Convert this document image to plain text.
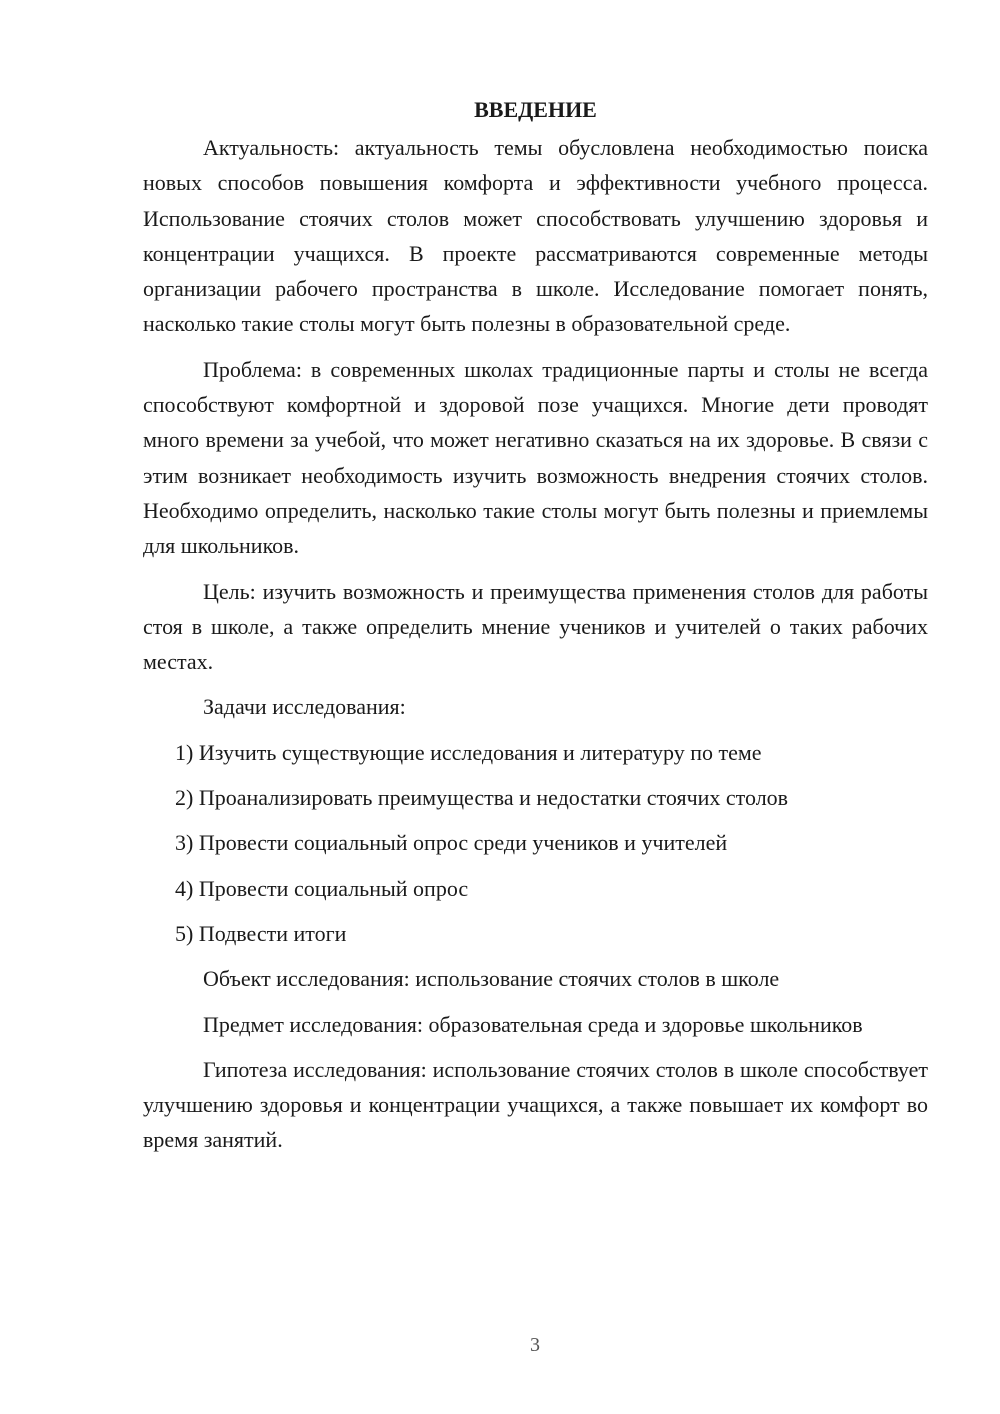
ВВЕДЕНИЕ

Актуальность: актуальность темы обусловлена необходимостью поиска новых способов повышения комфорта и эффективности учебного процесса. Использование стоячих столов может способствовать улучшению здоровья и концентрации учащихся. В проекте рассматриваются современные методы организации рабочего пространства в школе. Исследование помогает понять, насколько такие столы могут быть полезны в образовательной среде.

Проблема: в современных школах традиционные парты и столы не всегда способствуют комфортной и здоровой позе учащихся. Многие дети проводят много времени за учебой, что может негативно сказаться на их здоровье. В связи с этим возникает необходимость изучить возможность внедрения стоячих столов. Необходимо определить, насколько такие столы могут быть полезны и приемлемы для школьников.

Цель: изучить возможность и преимущества применения столов для работы стоя в школе, а также определить мнение учеников и учителей о таких рабочих местах.

Задачи исследования:

1) Изучить существующие исследования и литературу по теме
2) Проанализировать преимущества и недостатки стоячих столов
3) Провести социальный опрос среди учеников и учителей
4) Провести социальный опрос
5) Подвести итоги

Объект исследования: использование стоячих столов в школе

Предмет исследования: образовательная среда и здоровье школьников

Гипотеза исследования: использование стоячих столов в школе способствует улучшению здоровья и концентрации учащихся, а также повышает их комфорт во время занятий.

3
